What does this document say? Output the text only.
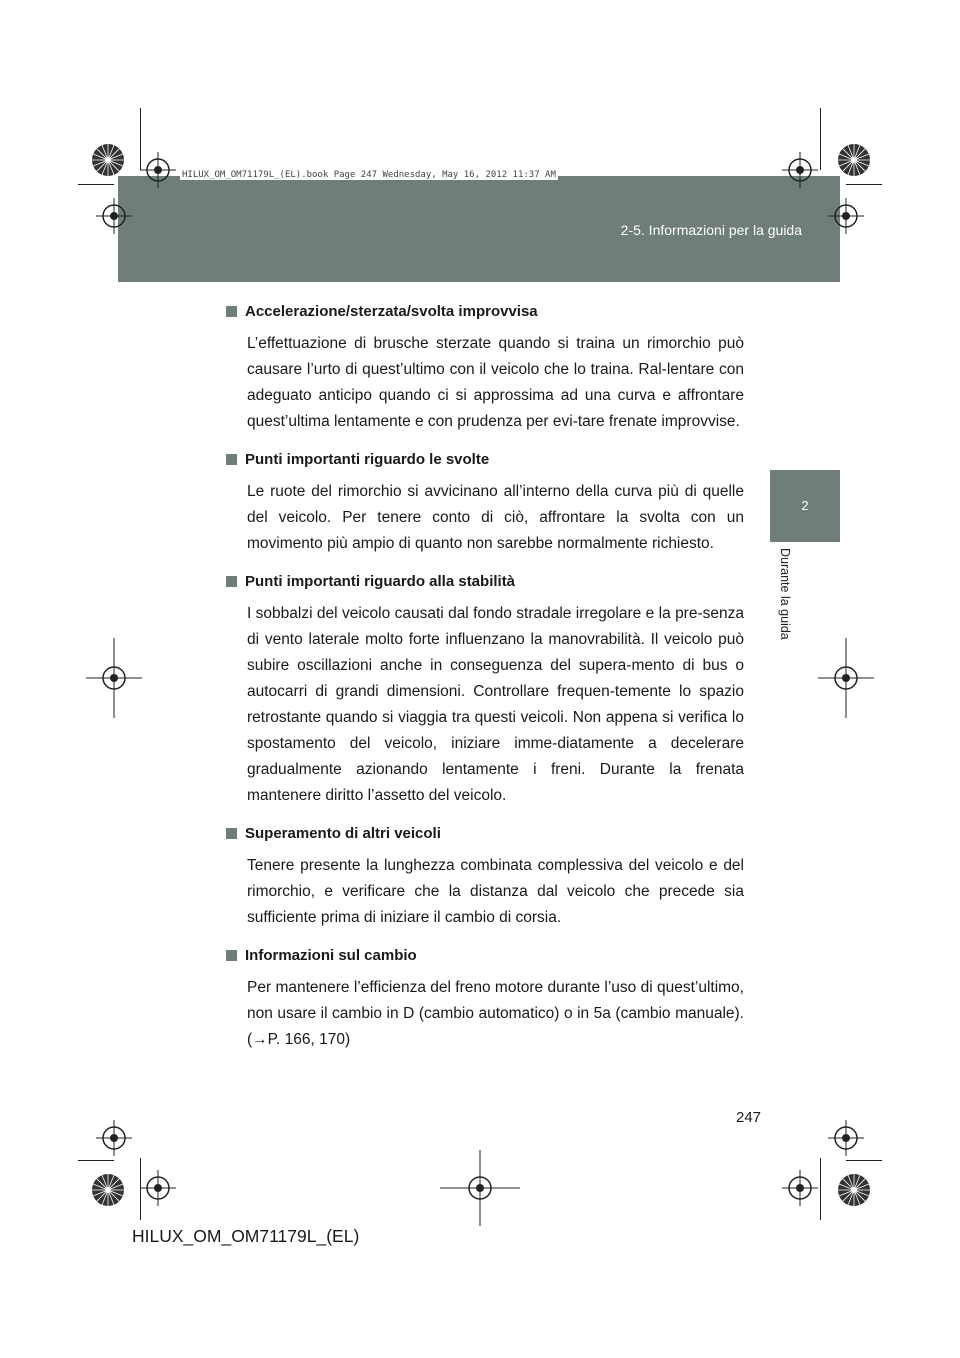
2-5. Informazioni per la guida
HILUX_OM_OM71179L_(EL).book Page 247 Wednesday, May 16, 2012 11:37 AM
2
Durante la guida
Accelerazione/sterzata/svolta improvvisa

L’effettuazione di brusche sterzate quando si traina un rimorchio può causare l’urto di quest’ultimo con il veicolo che lo traina. Ral-lentare con adeguato anticipo quando ci si approssima ad una curva e affrontare quest’ultima lentamente e con prudenza per evi-tare frenate improvvise.

Punti importanti riguardo le svolte

Le ruote del rimorchio si avvicinano all’interno della curva più di quelle del veicolo. Per tenere conto di ciò, affrontare la svolta con un movimento più ampio di quanto non sarebbe normalmente richiesto.

Punti importanti riguardo alla stabilità

I sobbalzi del veicolo causati dal fondo stradale irregolare e la pre-senza di vento laterale molto forte influenzano la manovrabilità. Il veicolo può subire oscillazioni anche in conseguenza del supera-mento di bus o autocarri di grandi dimensioni. Controllare frequen-temente lo spazio retrostante quando si viaggia tra questi veicoli. Non appena si verifica lo spostamento del veicolo, iniziare imme-diatamente a decelerare gradualmente azionando lentamente i freni. Durante la frenata mantenere diritto l’assetto del veicolo.

Superamento di altri veicoli

Tenere presente la lunghezza combinata complessiva del veicolo e del rimorchio, e verificare che la distanza dal veicolo che precede sia sufficiente prima di iniziare il cambio di corsia.

Informazioni sul cambio

Per mantenere l’efficienza del freno motore durante l’uso di quest’ultimo, non usare il cambio in D (cambio automatico) o in 5a (cambio manuale). (→P. 166, 170)

247
HILUX_OM_OM71179L_(EL)
